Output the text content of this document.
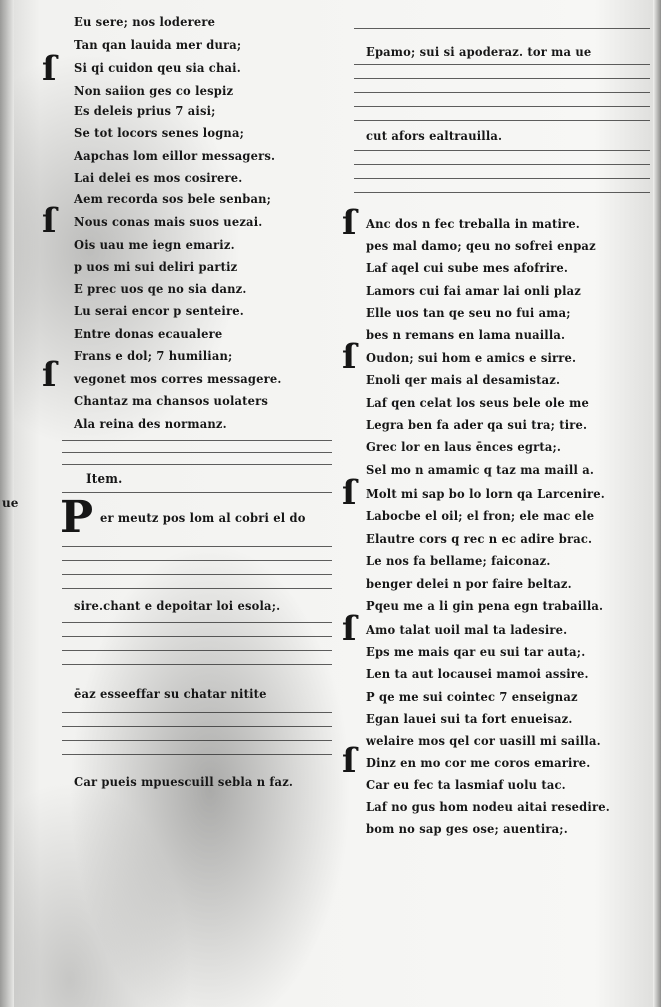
ue
Eu sere; nos loderere
Tan qan lauida mer dura;
ſ Si qi cuidon qeu sia chai.
Non saiion ges co lespiz
Es deleis prius 7 aisi;
Se tot locors senes logna;
Aapchas lom eillor messagers.
Lai delei es mos cosirere.
Aem recorda sos bele senban;
ſ Nous conas mais suos uezai.
Ois uau me iegn emariz.
p uos mi sui deliri partiz
E prec uos qe no sia danz.
Lu serai encor p senteire.
Entre donas ecaualere
Frans e dol; 7 humilian;
ſ vegonet mos corres messagere.
Chantaz ma chansos uolaters
Ala reina des normanz.
Item.
P er meutz pos lom al cobri el do
sire.chant e depoitar loi esola;.
ēaz esseeffar su chatar nitite
Car pueis mpuescuill sebla n faz.
Epamo; sui si apoderaz. tor ma ue
cut afors ealtrauilla.
ſ Anc dos n fec treballa in matire.
pes mal damo; qeu no sofrei enpaz
Laf aqel cui sube mes afofrire.
Lamors cui fai amar lai onli plaz
Elle uos tan qe seu no fui ama;
bes n remans en lama nuailla.
ſ Oudon; sui hom e amics e sirre.
Enoli qer mais al desamistaz.
Laf qen celat los seus bele ole me
Legra ben fa ader qa sui tra; tire.
Grec lor en laus ēnces egrta;.
Sel mo n amamic q taz ma maill a.
ſ Molt mi sap bo lo lorn qa Larcenire.
Labocbe el oil; el fron; ele mac ele
Elautre cors q rec n ec adire brac.
Le nos fa bellame; faiconaz.
benger delei n por faire beltaz.
Pqeu me a li gin pena egn trabailla.
ſ Amo talat uoil mal ta ladesire.
Eps me mais qar eu sui tar auta;.
Len ta aut locausei mamoi assire.
P qe me sui cointec 7 enseignaz
Egan lauei sui ta fort enueisaz.
welaire mos qel cor uasill mi sailla.
ſ Dinz en mo cor me coros emarire.
Car eu fec ta lasmiaf uolu tac.
Laf no gus hom nodeu aitai resedire.
bom no sap ges ose; auentira;.
